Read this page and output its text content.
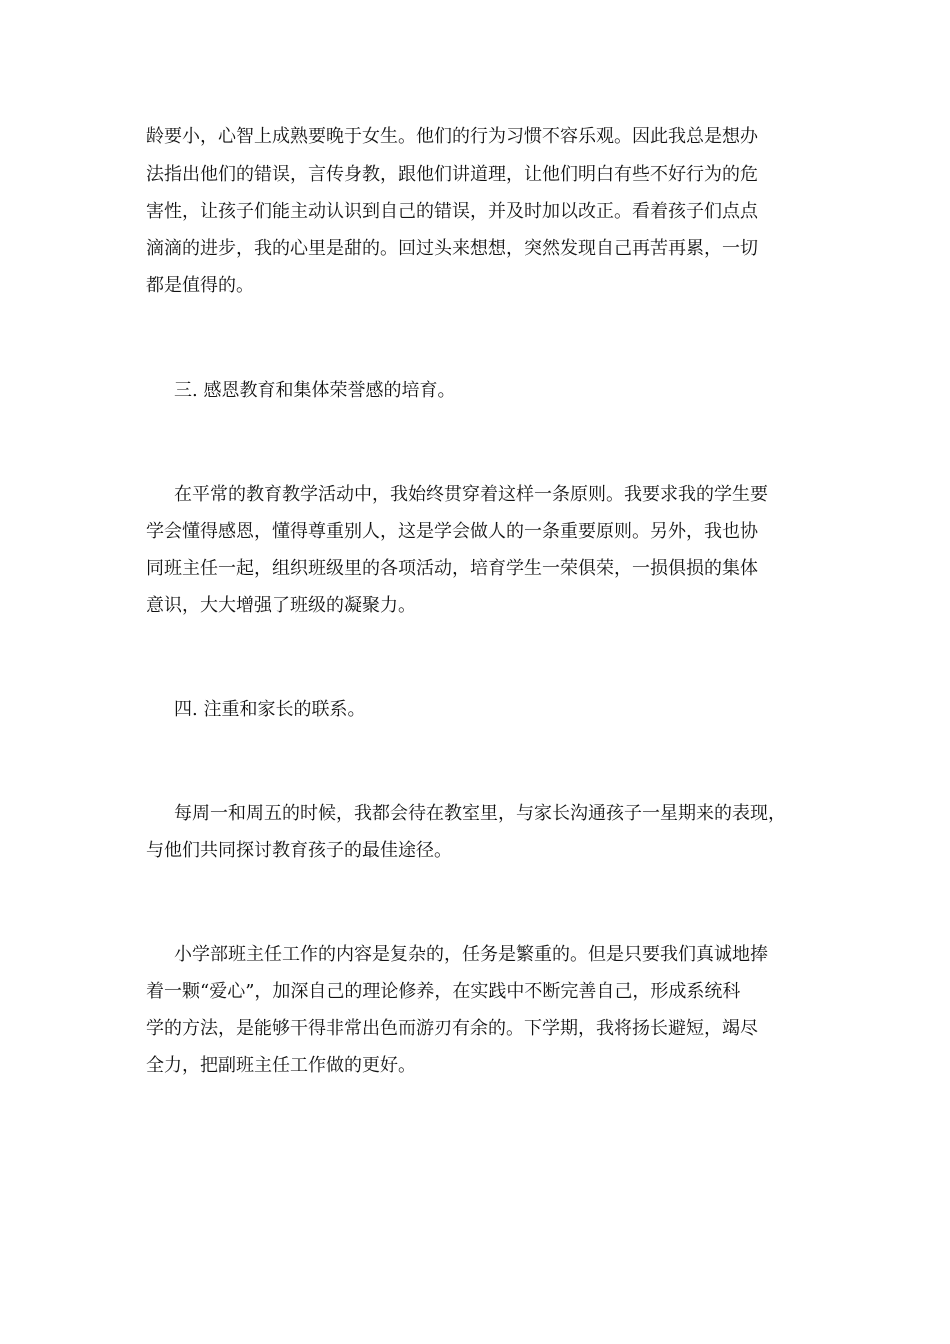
龄要小，心智上成熟要晚于女生。他们的行为习惯不容乐观。因此我总是想办
法指出他们的错误，言传身教，跟他们讲道理，让他们明白有些不好行为的危
害性，让孩子们能主动认识到自己的错误，并及时加以改正。看着孩子们点点
滴滴的进步，我的心里是甜的。回过头来想想，突然发现自己再苦再累，一切
都是值得的。
三. 感恩教育和集体荣誉感的培育。
在平常的教育教学活动中，我始终贯穿着这样一条原则。我要求我的学生要
学会懂得感恩，懂得尊重别人，这是学会做人的一条重要原则。另外，我也协
同班主任一起，组织班级里的各项活动，培育学生一荣俱荣，一损俱损的集体
意识，大大增强了班级的凝聚力。
四. 注重和家长的联系。
每周一和周五的时候，我都会待在教室里，与家长沟通孩子一星期来的表现，
与他们共同探讨教育孩子的最佳途径。
小学部班主任工作的内容是复杂的，任务是繁重的。但是只要我们真诚地捧
着一颗“爱心”，加深自己的理论修养，在实践中不断完善自己，形成系统科
学的方法，是能够干得非常出色而游刃有余的。下学期，我将扬长避短，竭尽
全力，把副班主任工作做的更好。
